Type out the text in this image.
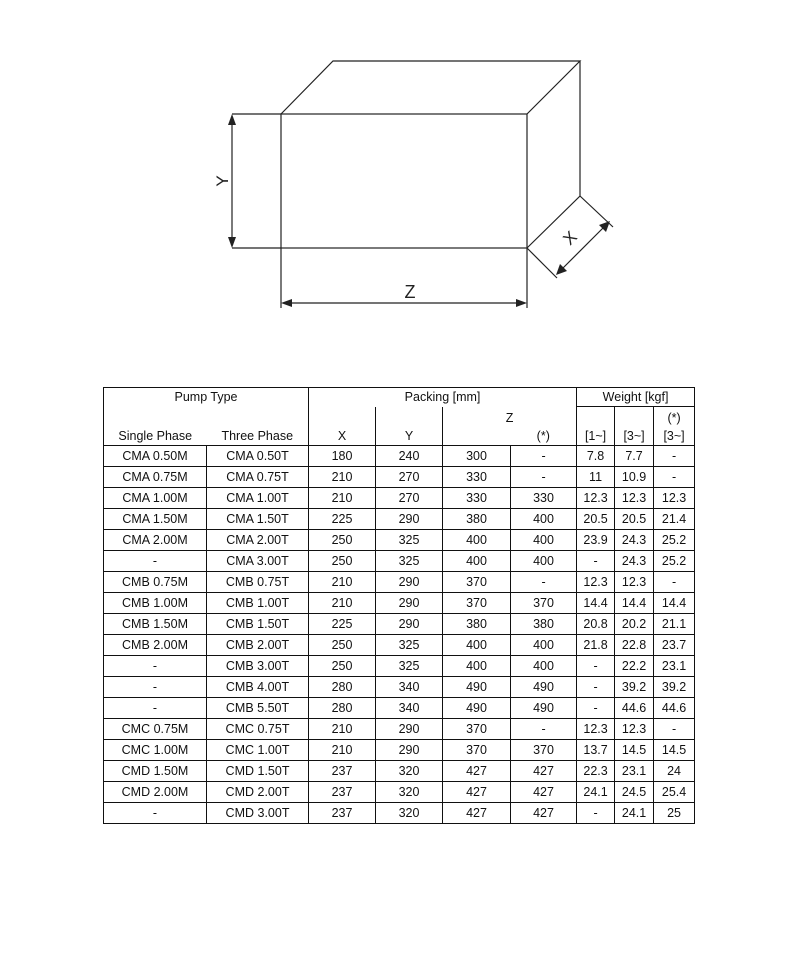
Y
Z
X
Pump Type		Packing [mm]				Weight [kgf]		
				Z				(*)
Single Phase	Three Phase	X	Y		(*)	[1~]	[3~]	[3~]
CMA 0.50M	CMA 0.50T	180	240	300	-	7.8	7.7	-
CMA 0.75M	CMA 0.75T	210	270	330	-	11	10.9	-
CMA 1.00M	CMA 1.00T	210	270	330	330	12.3	12.3	12.3
CMA 1.50M	CMA 1.50T	225	290	380	400	20.5	20.5	21.4
CMA 2.00M	CMA 2.00T	250	325	400	400	23.9	24.3	25.2
-	CMA 3.00T	250	325	400	400	-	24.3	25.2
CMB 0.75M	CMB 0.75T	210	290	370	-	12.3	12.3	-
CMB 1.00M	CMB 1.00T	210	290	370	370	14.4	14.4	14.4
CMB 1.50M	CMB 1.50T	225	290	380	380	20.8	20.2	21.1
CMB 2.00M	CMB 2.00T	250	325	400	400	21.8	22.8	23.7
-	CMB 3.00T	250	325	400	400	-	22.2	23.1
-	CMB 4.00T	280	340	490	490	-	39.2	39.2
-	CMB 5.50T	280	340	490	490	-	44.6	44.6
CMC 0.75M	CMC 0.75T	210	290	370	-	12.3	12.3	-
CMC 1.00M	CMC 1.00T	210	290	370	370	13.7	14.5	14.5
CMD 1.50M	CMD 1.50T	237	320	427	427	22.3	23.1	24
CMD 2.00M	CMD 2.00T	237	320	427	427	24.1	24.5	25.4
-	CMD 3.00T	237	320	427	427	-	24.1	25
